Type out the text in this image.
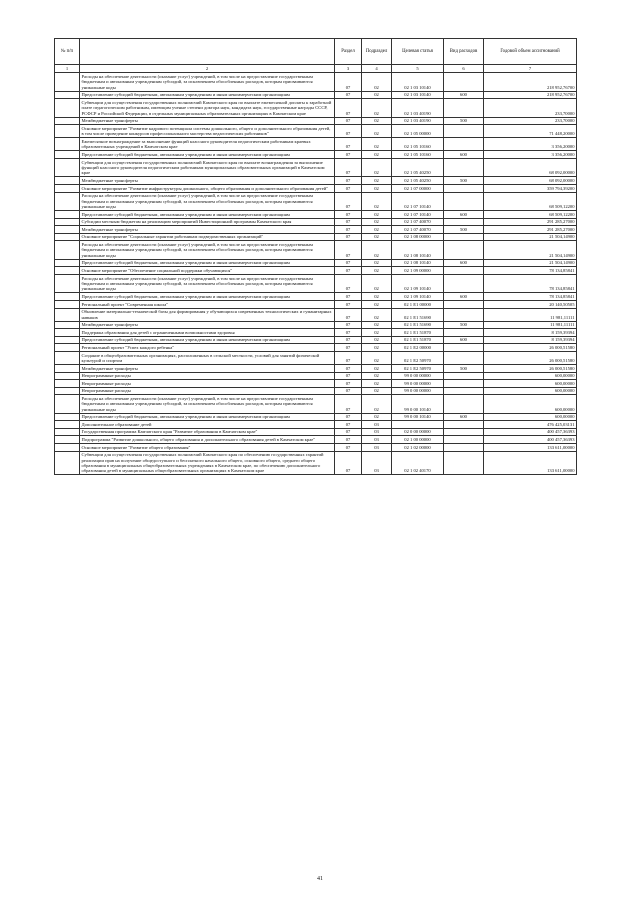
№ п/п		Раздел	Подраздел	Целевая статья	Вид расходов	Годовой объем ассигнований
1	2	3	4	5	6	7
	Расходы на обеспечение деятельности (оказание услуг) учреждений, в том числе на предоставление государственным бюджетным и автономным учреждениям субсидий, за исключением обособленных расходов, которым присваиваются уникальные коды	07	02	02 1 03 10140		218 952,76700
	Предоставление субсидий бюджетным, автономным учреждениям и иным некоммерческим организациям	07	02	02 1 03 10140	600	218 952,76700
	Субвенции для осуществления государственных полномочий Камчатского края по выплате ежемесячной доплаты к заработной плате педагогическим работникам, имеющим ученые степени доктора наук, кандидата наук, государственные награды СССР, РСФСР и Российской Федерации, в отдельных муниципальных образовательных организациях в Камчатском крае	07	02	02 1 03 40190		233,70000
	Межбюджетные трансферты	07	02	02 1 03 40190	500	233,70000
	Основное мероприятие "Развитие кадрового потенциала системы дошкольного, общего и дополнительного образования детей, в том числе проведение конкурсов профессионального мастерства педагогических работников"	07	02	02 1 05 00000		71 448,20000
	Ежемесячное вознаграждение за выполнение функций классного руководителя педагогическим работникам краевых образовательных учреждений в Камчатском крае	07	02	02 1 05 10160		3 356,20000
	Предоставление субсидий бюджетным, автономным учреждениям и иным некоммерческим организациям	07	02	02 1 05 10160	600	3 356,20000
	Субвенции для осуществления государственных полномочий Камчатского края по выплате вознаграждения за выполнение функций классного руководителя педагогическим работникам муниципальных образовательных организаций в Камчатском крае	07	02	02 1 05 40250		68 092,00000
	Межбюджетные трансферты	07	02	02 1 05 40250	500	68 092,00000
	Основное мероприятие "Развитие инфраструктуры дошкольного, общего образования и дополнительного образования детей"	07	02	02 1 07 00000		359 794,39200
	Расходы на обеспечение деятельности (оказание услуг) учреждений, в том числе на предоставление государственным бюджетным и автономным учреждениям субсидий, за исключением обособленных расходов, которым присваиваются уникальные коды	07	02	02 1 07 10140		68 509,12200
	Предоставление субсидий бюджетным, автономным учреждениям и иным некоммерческим организациям	07	02	02 1 07 10140	600	68 509,12200
	Субсидии местным бюджетам на реализацию мероприятий Инвестиционной программы Камчатского края	07	02	02 1 07 40070		291 285,27000
	Межбюджетные трансферты	07	02	02 1 07 40070	500	291 285,27000
	Основное мероприятие "Социальные гарантии работникам подведомственных организаций"	07	02	02 1 08 00000		21 504,14900
	Расходы на обеспечение деятельности (оказание услуг) учреждений, в том числе на предоставление государственным бюджетным и автономным учреждениям субсидий, за исключением обособленных расходов, которым присваиваются уникальные коды	07	02	02 1 08 10140		21 504,14900
	Предоставление субсидий бюджетным, автономным учреждениям и иным некоммерческим организациям	07	02	02 1 08 10140	600	21 504,14900
	Основное мероприятие "Обеспечение социальной поддержки обучающихся"	07	02	02 1 09 00000		78 134,85841
	Расходы на обеспечение деятельности (оказание услуг) учреждений, в том числе на предоставление государственным бюджетным и автономным учреждениям субсидий, за исключением обособленных расходов, которым присваиваются уникальные коды	07	02	02 1 09 10140		78 134,85841
	Предоставление субсидий бюджетным, автономным учреждениям и иным некоммерческим организациям	07	02	02 1 09 10140	600	78 134,85841
	Региональный проект "Современная школа"	07	02	02 1 E1 00000		20 140,50505
	Обновление материально-технической базы для формирования у обучающихся современных технологических и гуманитарных навыков	07	02	02 1 E1 51690		11 981,11111
	Межбюджетные трансферты	07	02	02 1 E1 51690	500	11 981,11111
	Поддержка образования для детей с ограниченными возможностями здоровья	07	02	02 1 E1 51870		8 159,39394
	Предоставление субсидий бюджетным, автономным учреждениям и иным некоммерческим организациям	07	02	02 1 E1 51870	600	8 159,39394
	Региональный проект "Успех каждого ребенка"	07	02	02 1 E2 00000		26 000,51580
	Создание в общеобразовательных организациях, расположенных в сельской местности, условий для занятий физической культурой и спортом	07	02	02 1 E2 50970		26 000,51580
	Межбюджетные трансферты	07	02	02 1 E2 50970	500	26 000,51580
	Непрограммные расходы	07	02	99 0 00 00000		600,00000
	Непрограммные расходы	07	02	99 0 00 00000		600,00000
	Непрограммные расходы	07	02	99 0 00 00000		600,00000
	Расходы на обеспечение деятельности (оказание услуг) учреждений, в том числе на предоставление государственным бюджетным и автономным учреждениям субсидий, за исключением обособленных расходов, которым присваиваются уникальные коды	07	02	99 0 00 10140		600,00000
	Предоставление субсидий бюджетным, автономным учреждениям и иным некоммерческим организациям	07	02	99 0 00 10140	600	600,00000
	Дополнительное образование детей	07	03			476 425,03131
	Государственная программа Камчатского края "Развитие образования в Камчатском крае"	07	03	02 0 00 00000		400 457,36393
	Подпрограмма "Развитие дошкольного, общего образования и дополнительного образования детей в Камчатском крае"	07	03	02 1 00 00000		400 457,36393
	Основное мероприятие "Развитие общего образования"	07	03	02 1 02 00000		133 611,00000
	Субвенции для осуществления государственных полномочий Камчатского края по обеспечению государственных гарантий реализации прав на получение общедоступного и бесплатного начального общего, основного общего, среднего общего образования в муниципальных общеобразовательных учреждениях в Камчатском крае, по обеспечению дополнительного образования детей в муниципальных общеобразовательных организациях в Камчатском крае	07	03	02 1 02 40170		133 611,00000
41
